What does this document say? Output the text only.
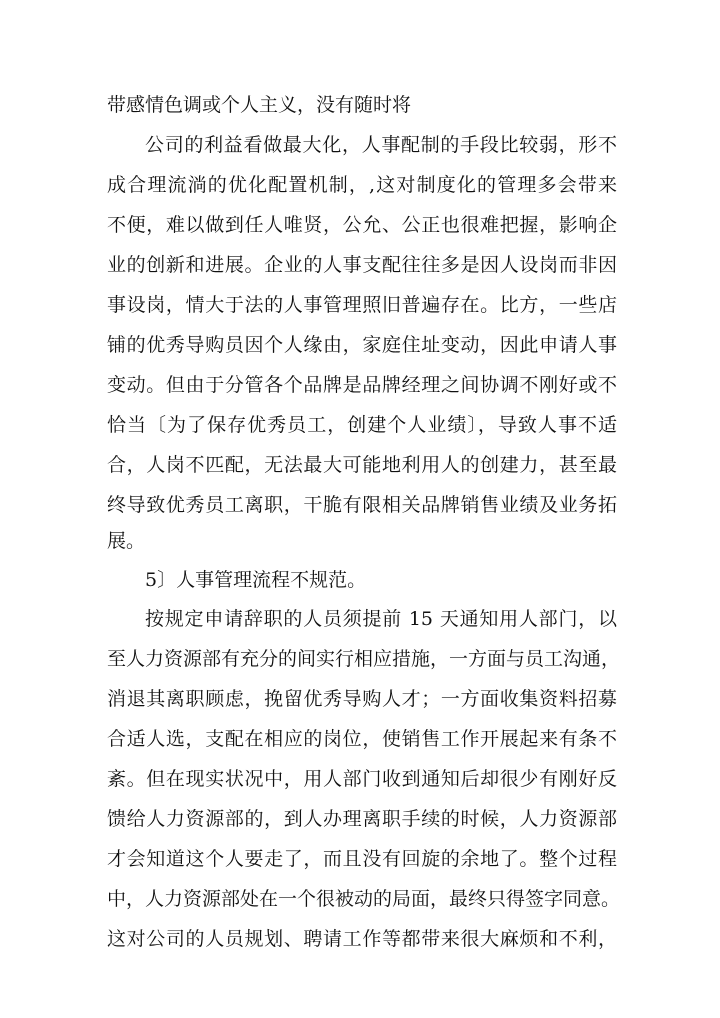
带感情色调或个人主义，没有随时将
公司的利益看做最大化，人事配制的手段比较弱，形不
成合理流淌的优化配置机制，,这对制度化的管理多会带来
不便，难以做到任人唯贤，公允、公正也很难把握，影响企
业的创新和进展。企业的人事支配往往多是因人设岗而非因
事设岗，情大于法的人事管理照旧普遍存在。比方，一些店
铺的优秀导购员因个人缘由，家庭住址变动，因此申请人事
变动。但由于分管各个品牌是品牌经理之间协调不刚好或不
恰当〔为了保存优秀员工，创建个人业绩〕，导致人事不适
合，人岗不匹配，无法最大可能地利用人的创建力，甚至最
终导致优秀员工离职，干脆有限相关品牌销售业绩及业务拓
展。
5〕人事管理流程不规范。
按规定申请辞职的人员须提前 15 天通知用人部门，以
至人力资源部有充分的间实行相应措施，一方面与员工沟通，
消退其离职顾虑，挽留优秀导购人才；一方面收集资料招募
合适人选，支配在相应的岗位，使销售工作开展起来有条不
紊。但在现实状况中，用人部门收到通知后却很少有刚好反
馈给人力资源部的，到人办理离职手续的时候，人力资源部
才会知道这个人要走了，而且没有回旋的余地了。整个过程
中，人力资源部处在一个很被动的局面，最终只得签字同意。
这对公司的人员规划、聘请工作等都带来很大麻烦和不利，
